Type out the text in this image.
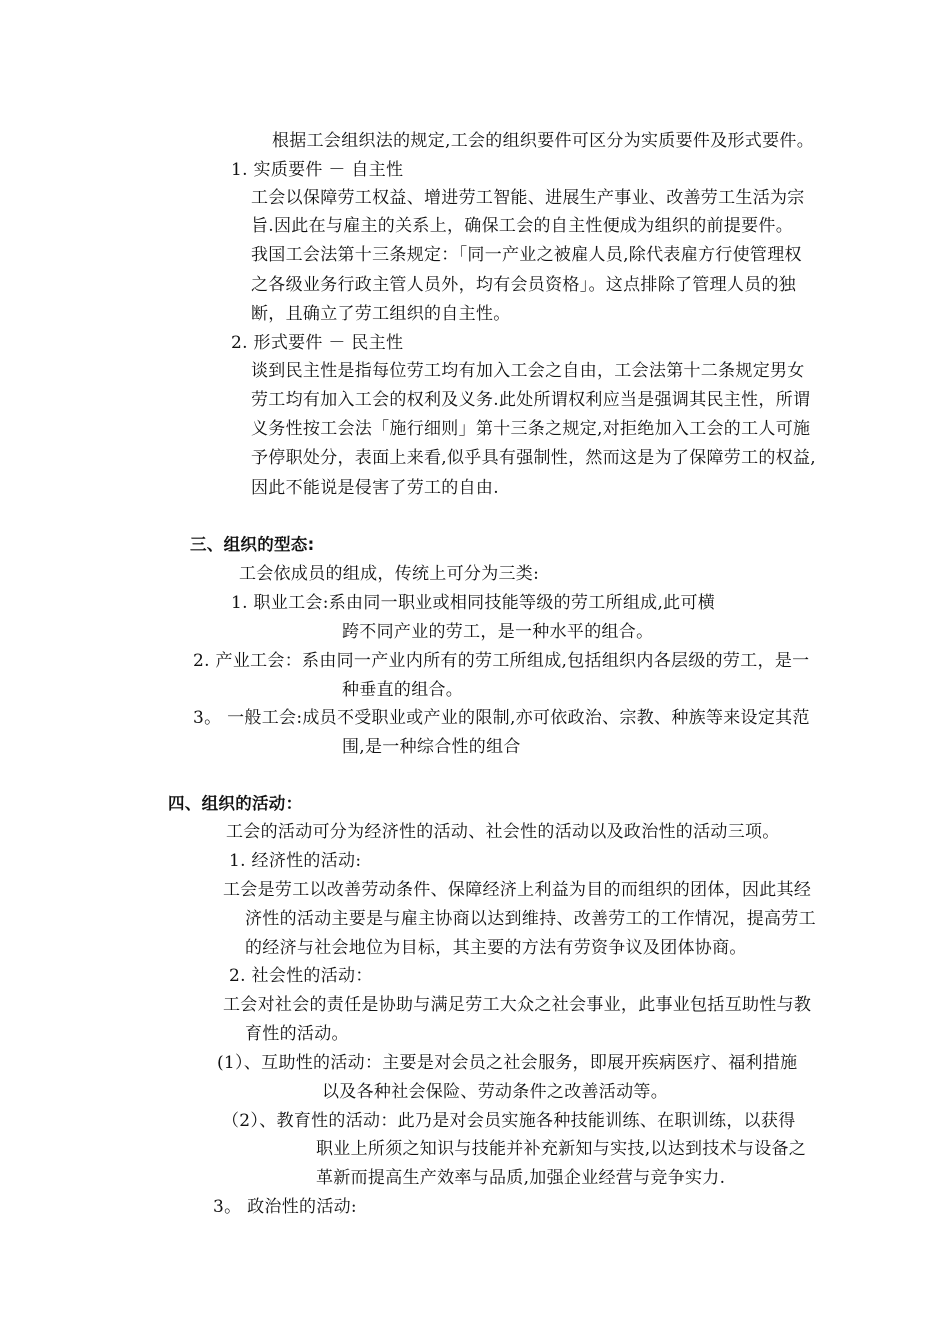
根据工会组织法的规定,工会的组织要件可区分为实质要件及形式要件。
1. 实质要件 － 自主性
工会以保障劳工权益、增进劳工智能、进展生产事业、改善劳工生活为宗
旨.因此在与雇主的关系上，确保工会的自主性便成为组织的前提要件。
我国工会法第十三条规定：「同一产业之被雇人员,除代表雇方行使管理权
之各级业务行政主管人员外，均有会员资格」。这点排除了管理人员的独
断，且确立了劳工组织的自主性。
2. 形式要件 － 民主性
谈到民主性是指每位劳工均有加入工会之自由，工会法第十二条规定男女
劳工均有加入工会的权利及义务.此处所谓权利应当是强调其民主性，所谓
义务性按工会法「施行细则」第十三条之规定,对拒绝加入工会的工人可施
予停职处分，表面上来看,似乎具有强制性，然而这是为了保障劳工的权益,
因此不能说是侵害了劳工的自由.
三、组织的型态:
工会依成员的组成，传统上可分为三类:
1. 职业工会:系由同一职业或相同技能等级的劳工所组成,此可横
跨不同产业的劳工，是一种水平的组合。
2. 产业工会：系由同一产业内所有的劳工所组成,包括组织内各层级的劳工，是一
种垂直的组合。
3。 一般工会:成员不受职业或产业的限制,亦可依政治、宗教、种族等来设定其范
围,是一种综合性的组合
四、组织的活动：
工会的活动可分为经济性的活动、社会性的活动以及政治性的活动三项。
1. 经济性的活动:
工会是劳工以改善劳动条件、保障经济上利益为目的而组织的团体，因此其经
济性的活动主要是与雇主协商以达到维持、改善劳工的工作情况，提高劳工
的经济与社会地位为目标，其主要的方法有劳资争议及团体协商。
2. 社会性的活动：
工会对社会的责任是协助与满足劳工大众之社会事业，此事业包括互助性与教
育性的活动。
(1）、互助性的活动：主要是对会员之社会服务，即展开疾病医疗、福利措施
以及各种社会保险、劳动条件之改善活动等。
（2）、教育性的活动：此乃是对会员实施各种技能训练、在职训练，以获得
职业上所须之知识与技能并补充新知与实技,以达到技术与设备之
革新而提高生产效率与品质,加强企业经营与竞争实力.
3。 政治性的活动:
